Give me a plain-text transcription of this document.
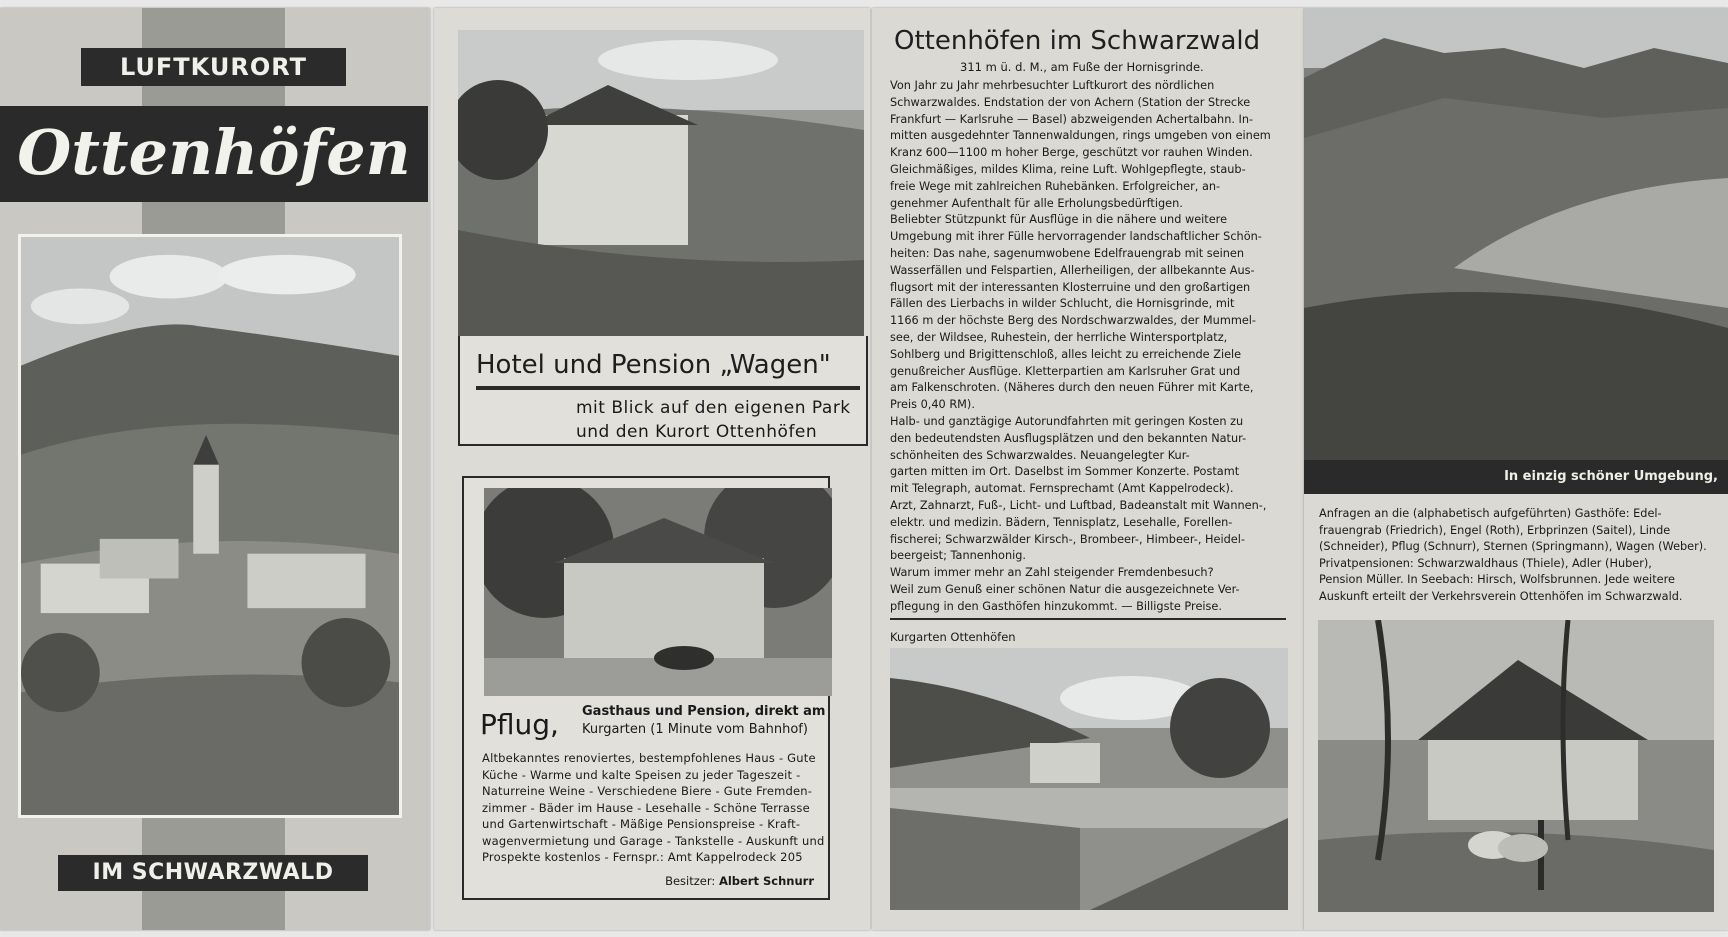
LUFTKURORT
Ottenhöfen
IM SCHWARZWALD
Hotel und Pension „Wagen"
mit Blick auf den eigenen Park
und den Kurort Ottenhöfen
Pflug, Gasthaus und Pension, direkt am
Kurgarten (1 Minute vom Bahnhof)
Altbekanntes renoviertes, bestempfohlenes Haus - Gute
Küche - Warme und kalte Speisen zu jeder Tageszeit -
Naturreine Weine - Verschiedene Biere - Gute Fremden-
zimmer - Bäder im Hause - Lesehalle - Schöne Terrasse
und Gartenwirtschaft - Mäßige Pensionspreise - Kraft-
wagenvermietung und Garage - Tankstelle - Auskunft und
Prospekte kostenlos - Fernspr.: Amt Kappelrodeck 205
Besitzer: Albert Schnurr
Ottenhöfen im Schwarzwald
311 m ü. d. M., am Fuße der Hornisgrinde.
Von Jahr zu Jahr mehrbesuchter Luftkurort des nördlichen
Schwarzwaldes. Endstation der von Achern (Station der Strecke
Frankfurt — Karlsruhe — Basel) abzweigenden Achertalbahn. In-
mitten ausgedehnter Tannenwaldungen, rings umgeben von einem
Kranz 600—1100 m hoher Berge, geschützt vor rauhen Winden.
Gleichmäßiges, mildes Klima, reine Luft. Wohlgepflegte, staub-
freie Wege mit zahlreichen Ruhebänken. Erfolgreicher, an-
genehmer Aufenthalt für alle Erholungsbedürftigen.
Beliebter Stützpunkt für Ausflüge in die nähere und weitere
Umgebung mit ihrer Fülle hervorragender landschaftlicher Schön-
heiten: Das nahe, sagenumwobene Edelfrauengrab mit seinen
Wasserfällen und Felspartien, Allerheiligen, der allbekannte Aus-
flugsort mit der interessanten Klosterruine und den großartigen
Fällen des Lierbachs in wilder Schlucht, die Hornisgrinde, mit
1166 m der höchste Berg des Nordschwarzwaldes, der Mummel-
see, der Wildsee, Ruhestein, der herrliche Wintersportplatz,
Sohlberg und Brigittenschloß, alles leicht zu erreichende Ziele
genußreicher Ausflüge. Kletterpartien am Karlsruher Grat und
am Falkenschroten. (Näheres durch den neuen Führer mit Karte,
Preis 0,40 RM).
Halb- und ganztägige Autorundfahrten mit geringen Kosten zu
den bedeutendsten Ausflugsplätzen und den bekannten Natur-
schönheiten des Schwarzwaldes. Neuangelegter Kur-
garten mitten im Ort. Daselbst im Sommer Konzerte. Postamt
mit Telegraph, automat. Fernsprechamt (Amt Kappelrodeck).
Arzt, Zahnarzt, Fuß-, Licht- und Luftbad, Badeanstalt mit Wannen-,
elektr. und medizin. Bädern, Tennisplatz, Lesehalle, Forellen-
fischerei; Schwarzwälder Kirsch-, Brombeer-, Himbeer-, Heidel-
beergeist; Tannenhonig.
Warum immer mehr an Zahl steigender Fremdenbesuch?
Weil zum Genuß einer schönen Natur die ausgezeichnete Ver-
pflegung in den Gasthöfen hinzukommt. — Billigste Preise.
Kurgarten Ottenhöfen
In einzig schöner Umgebung,
Anfragen an die (alphabetisch aufgeführten) Gasthöfe: Edel-
frauengrab (Friedrich), Engel (Roth), Erbprinzen (Saitel), Linde
(Schneider), Pflug (Schnurr), Sternen (Springmann), Wagen (Weber).
Privatpensionen: Schwarzwaldhaus (Thiele), Adler (Huber),
Pension Müller. In Seebach: Hirsch, Wolfsbrunnen. Jede weitere
Auskunft erteilt der Verkehrsverein Ottenhöfen im Schwarzwald.
